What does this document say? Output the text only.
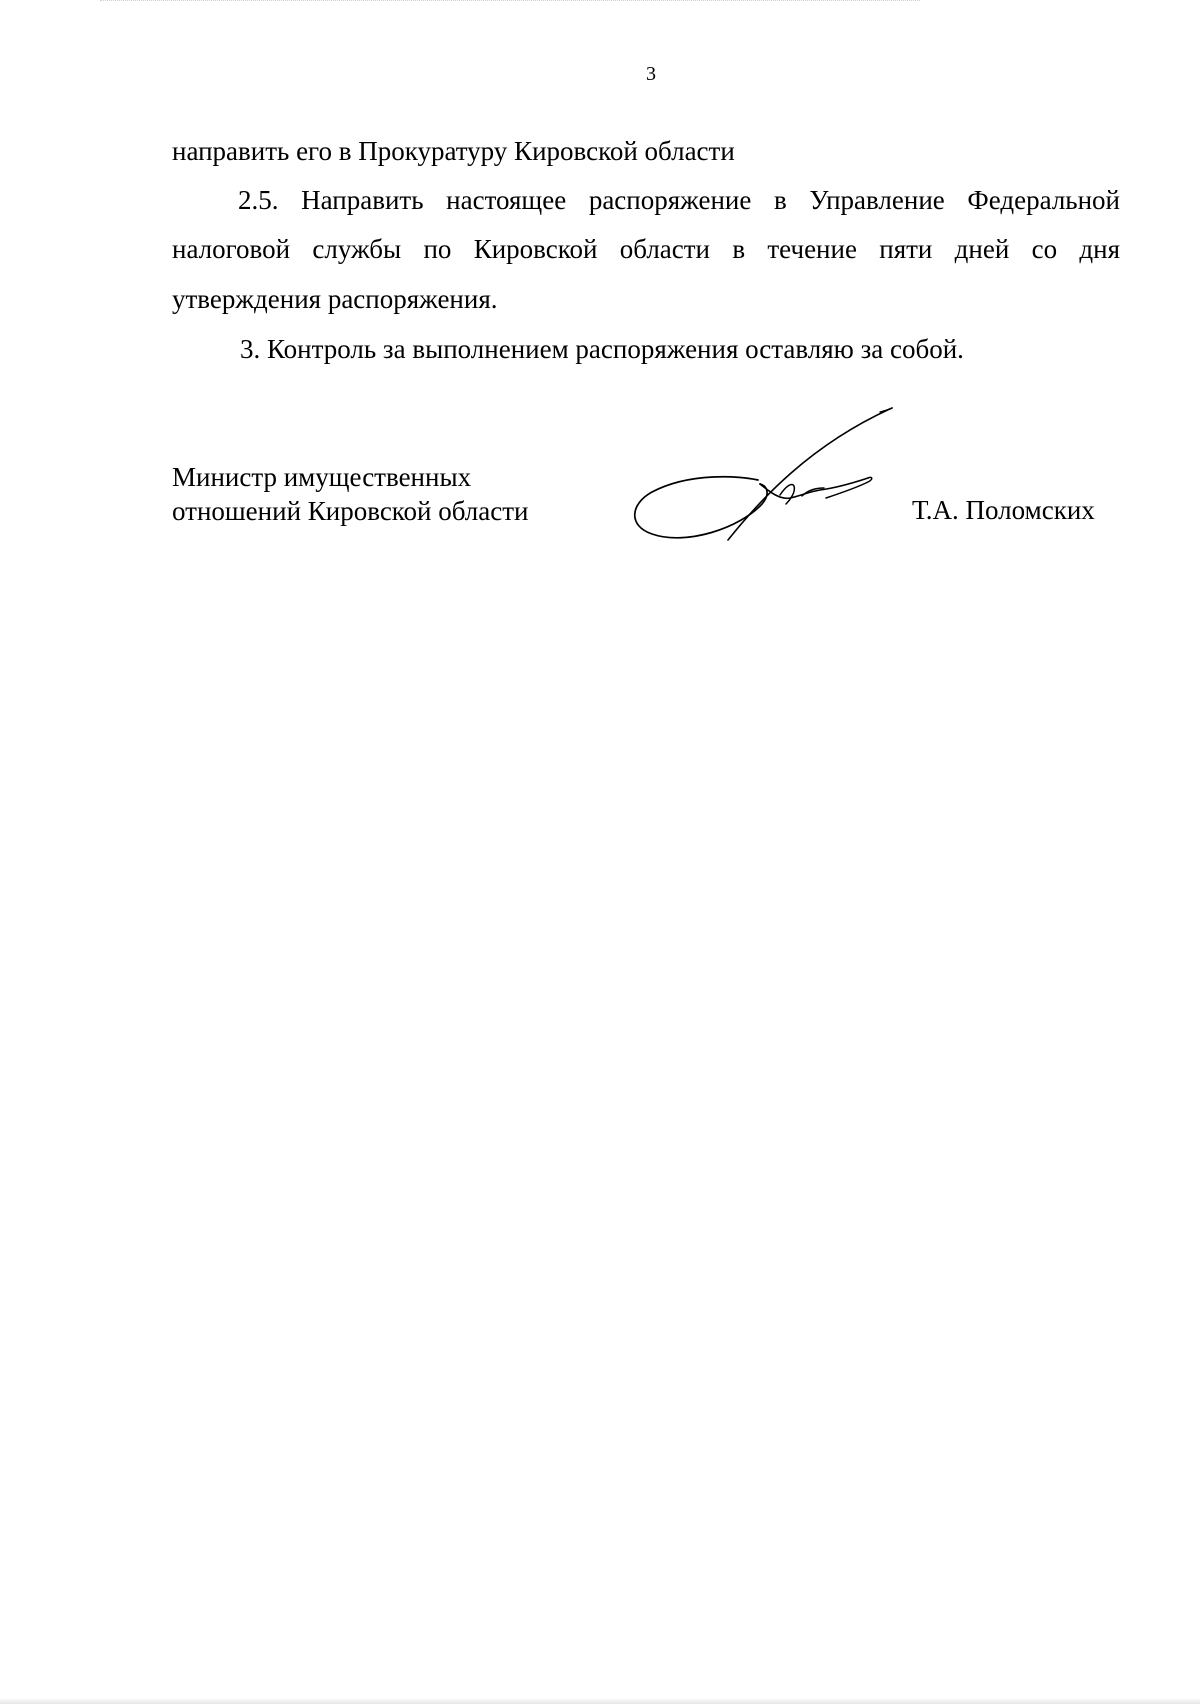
3
направить его в Прокуратуру Кировской области
2.5. Направить настоящее распоряжение в Управление Федеральной
налоговой службы по Кировской области в течение пяти дней со дня
утверждения распоряжения.
3. Контроль за выполнением распоряжения оставляю за собой.
Министр имущественных
отношений Кировской области	Т.А. Поломских
